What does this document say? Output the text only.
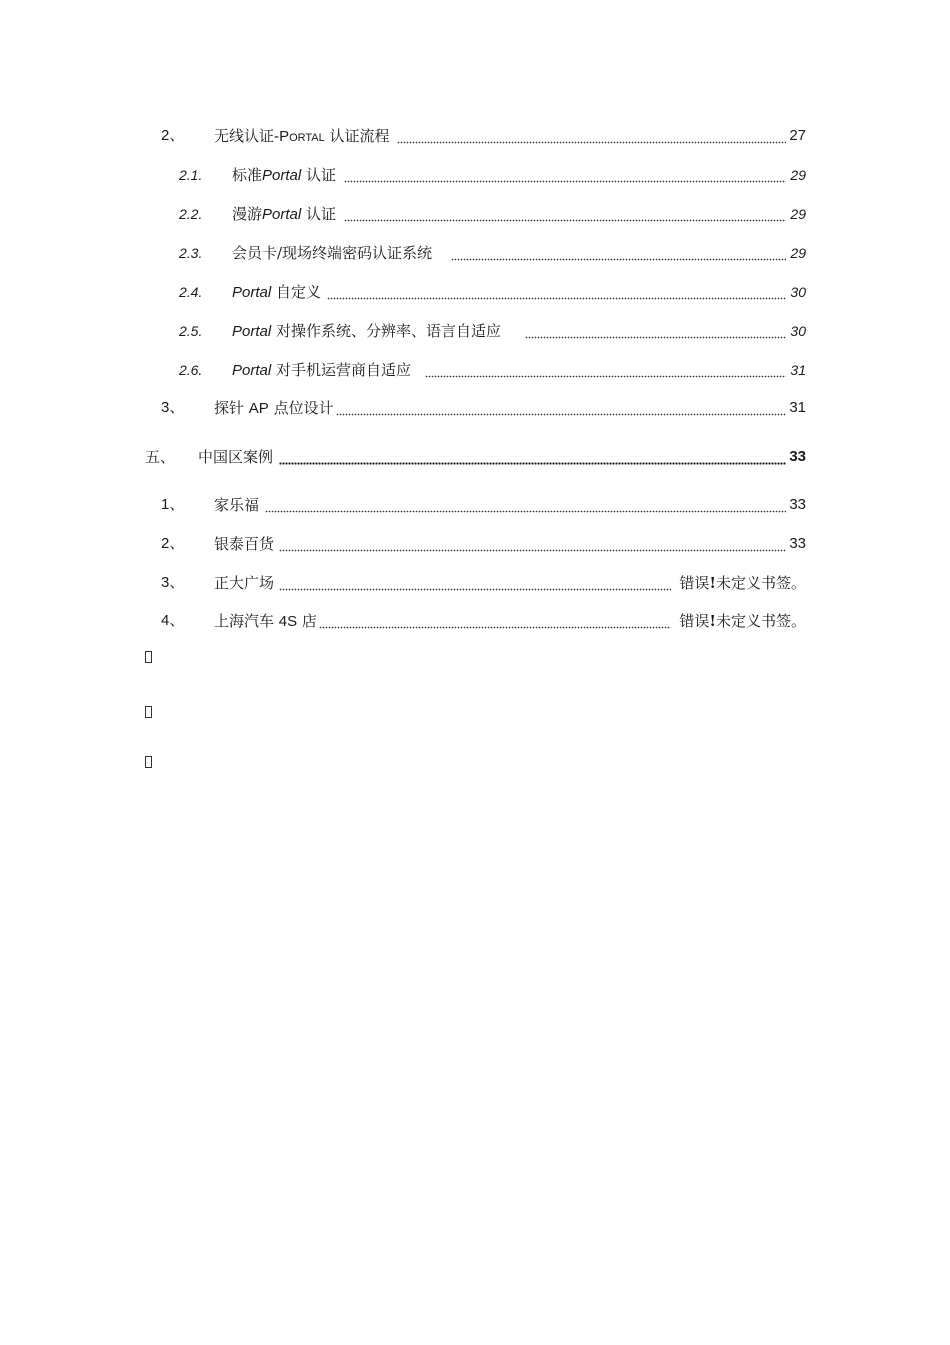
2、 无线认证-PORTAL 认证流程	27
2.1. 标准Portal 认证	29
2.2. 漫游Portal 认证	29
2.3. 会员卡/现场终端密码认证系统	29
2.4. Portal 自定义	30
2.5. Portal 对操作系统、分辨率、语言自适应	30
2.6. Portal 对手机运营商自适应	31
3、 探针 AP 点位设计	31
五、 中国区案例	33
1、 家乐福	33
2、 银泰百货	33
3、 正大广场	错误!未定义书签。
4、 上海汽车 4S 店	错误!未定义书签。
